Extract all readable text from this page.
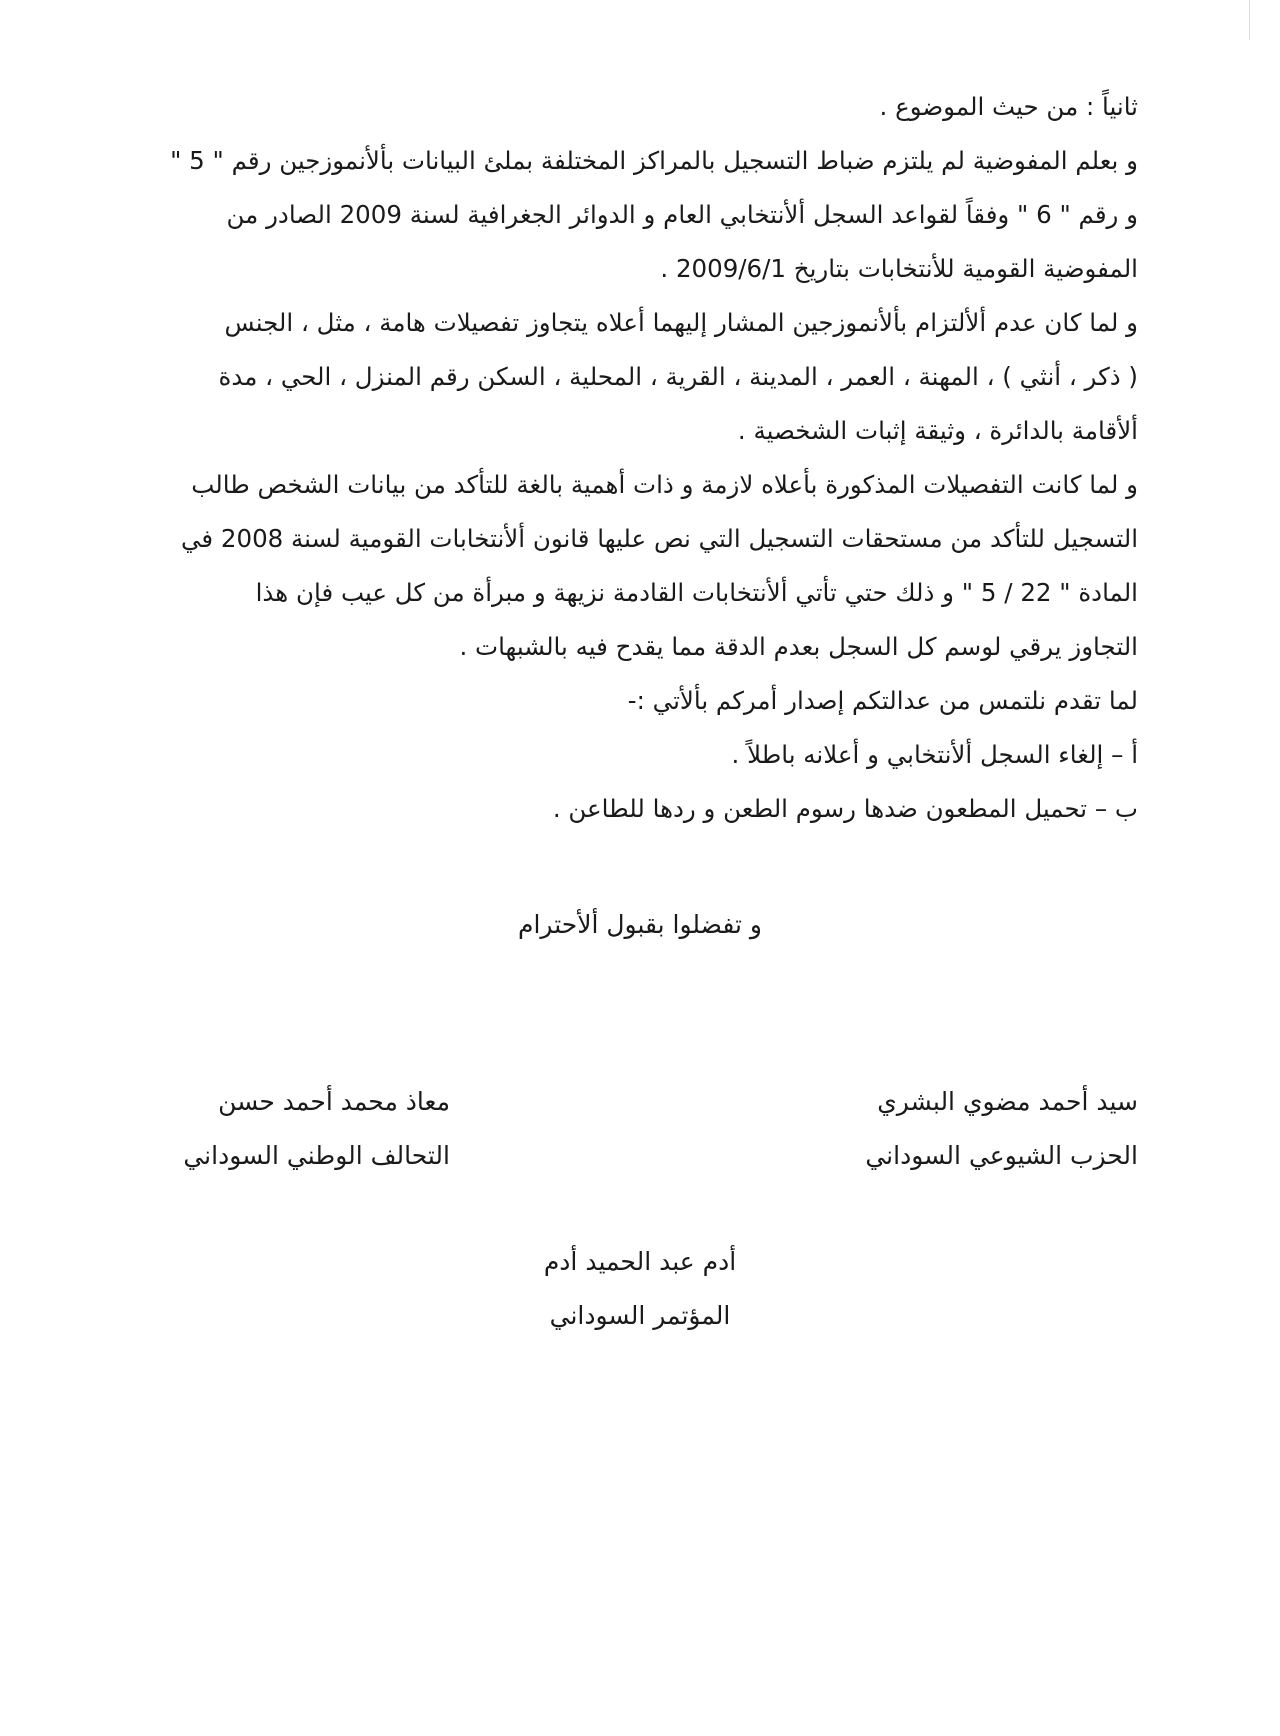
ثانياً : من حيث الموضوع .
و بعلم المفوضية لم يلتزم ضباط التسجيل بالمراكز المختلفة بملئ البيانات بألأنموزجين رقم " 5 "
و رقم " 6 " وفقاً لقواعد السجل ألأنتخابي العام و الدوائر الجغرافية لسنة 2009 الصادر من
المفوضية القومية للأنتخابات بتاريخ 2009/6/1 .
و لما كان عدم ألألتزام بألأنموزجين المشار إليهما أعلاه يتجاوز تفصيلات هامة ، مثل ، الجنس
( ذكر ، أنثي ) ، المهنة ، العمر ، المدينة ، القرية ، المحلية ، السكن رقم المنزل ، الحي ، مدة
ألأقامة بالدائرة ، وثيقة إثبات الشخصية .
و لما كانت التفصيلات المذكورة بأعلاه لازمة و ذات أهمية بالغة للتأكد من بيانات الشخص طالب
التسجيل للتأكد من مستحقات التسجيل التي نص عليها قانون ألأنتخابات القومية لسنة 2008 في
المادة " 22 / 5 " و ذلك حتي تأتي ألأنتخابات القادمة نزيهة و مبرأة من كل عيب فإن هذا
التجاوز يرقي لوسم كل السجل بعدم الدقة مما يقدح فيه بالشبهات .
لما تقدم نلتمس من عدالتكم إصدار أمركم بألأتي :-
أ – إلغاء السجل ألأنتخابي و أعلانه باطلاً .
ب – تحميل المطعون ضدها رسوم الطعن و ردها للطاعن .
و تفضلوا بقبول ألأحترام
سيد أحمد مضوي البشري
الحزب الشيوعي السوداني
معاذ محمد أحمد حسن
التحالف الوطني السوداني
أدم عبد الحميد أدم
المؤتمر السوداني
